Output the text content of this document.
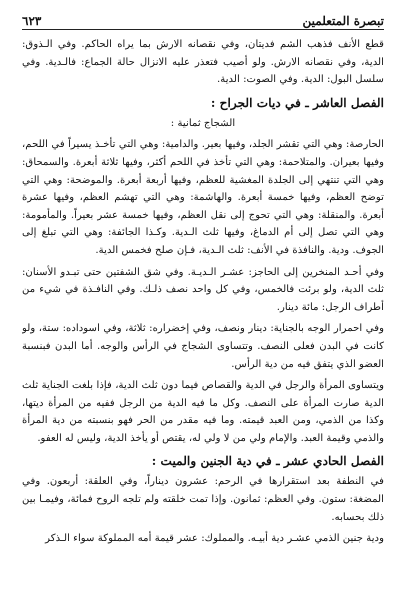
تبصرة المتعلمين
٦٢٣

قطع الأنف فذهب الشم فديتان، وفي نقصانه الارش بما يراه الحاكم. وفي الـذوق: الدية، وفي نقصانه الارش. ولو أصيب فتعذر عليه الانزال حالة الجماع: فالـدية. وفي سلسل البول: الدية. وفي الصوت: الدية.

الفصل العاشر ـ في ديات الجراح :

الشجاج ثمانية :

الحارصة: وهي التي تقشر الجلد، وفيها بعير. والدامية: وهي التي تأخـذ يسيراً في اللحم، وفيها بعيران. والمتلاحمة: وهي التي تأخذ في اللحم أكثر، وفيها ثلاثة أبعرة. والسمحاق: وهي التي تنتهي إلى الجلدة المغشية للعظم، وفيها أربعة أبعرة. والموضحة: وهي التي توضح العظم، وفيها خمسة أبعرة. والهاشمة: وهي التي تهشم العظم، وفيها عشرة أبعرة. والمنقلة: وهي التي تحوج إلى نقل العظم، وفيها خمسة عشر بعيراً. والمأمومة: وهي التي تصل إلى أم الدماغ، وفيها ثلث الـدية. وكـذا الجائفة: وهي التي تبلغ إلى الجوف. ودية. والنافذة في الأنف: ثلث الـدية، فـإن صلح فخمس الدية.

وفي أحـد المنخرين إلى الحاجز: عشـر الـديـة. وفي شق الشفتين حتى تبـدو الأسنان: ثلث الدية، ولو برئت فالخمس، وفي كل واحد نصف ذلـك. وفي النافـذة في شيء من أطراف الرجل: مائة دينار.

وفي احمرار الوجه بالجناية: دينار ونصف، وفي إخضراره: ثلاثة، وفي اسوداده: ستة، ولو كانت في البدن فعلى النصف. وتتساوى الشجاج في الرأس والوجه. أما البدن فبنسبة العضو الذي يتفق فيه من دية الرأس.

ويتساوى المرأة والرجل في الدية والقصاص فيما دون ثلث الدية، فإذا بلغت الجناية ثلث الدية صارت المرأة على النصف. وكل ما فيه الدية من الرجل ففيه من المرأة ديتها، وكذا من الذمي، ومن العبد قيمته. وما فيه مقدر من الحر فهو بنسبته من دية المرأة والذمي وقيمة العبد. والإمام ولي من لا ولي له، يقتص أو يأخذ الدية، وليس له العفو.

الفصل الحادي عشر ـ في دية الجنين والميت :

في النطفة بعد استقرارها في الرحم: عشرون ديناراً، وفي العلقة: أربعون. وفي المضغة: ستون. وفي العظم: ثمانون. وإذا تمت خلقته ولم تلجه الروح فمائة، وفيمـا بين ذلك بحسابه.

ودية جنين الذمي عشـر دية أبيـه. والمملوك: عشر قيمة أمه المملوكة سواء الـذكر
